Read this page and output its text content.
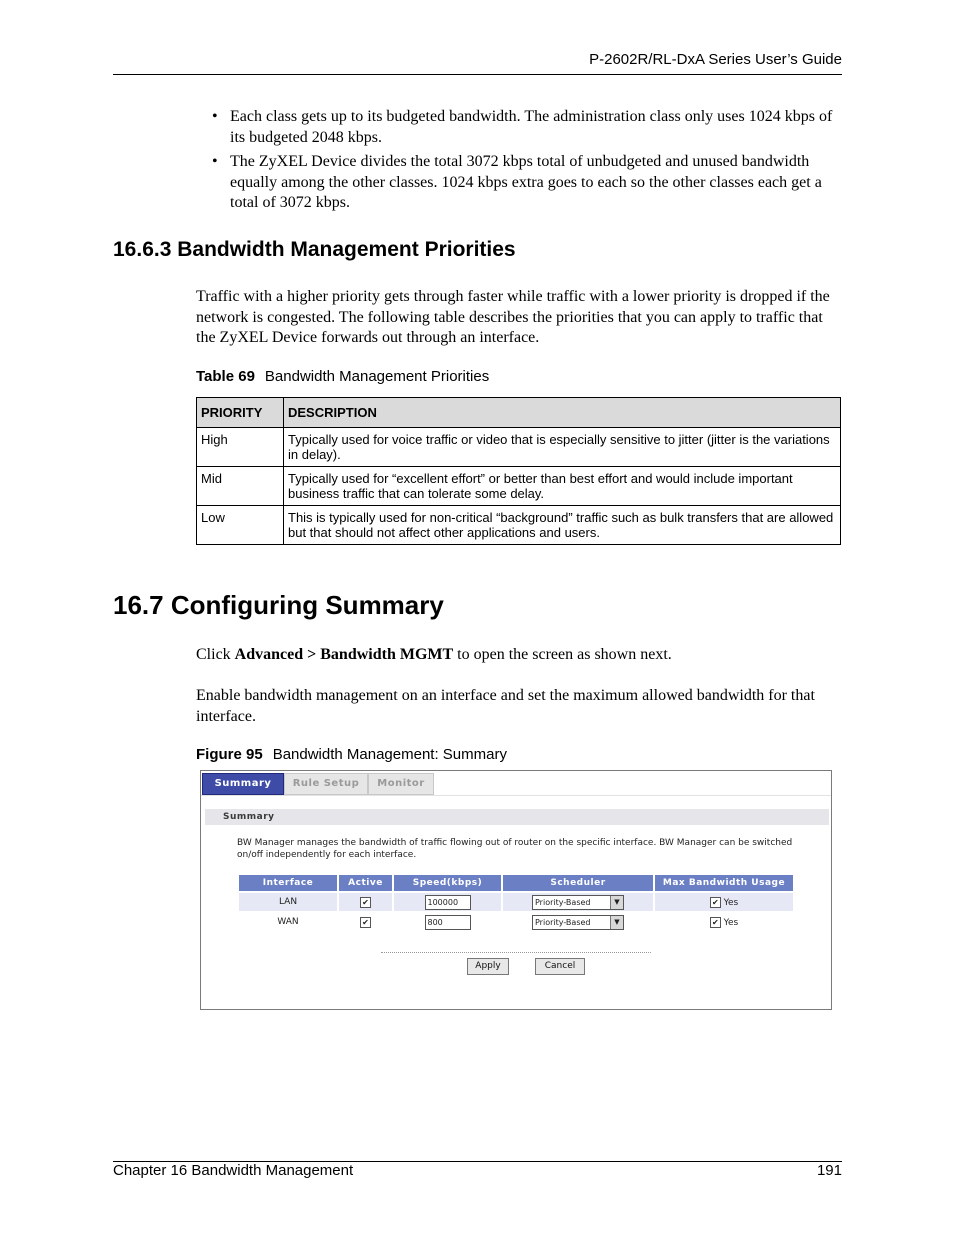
P-2602R/RL-DxA Series User’s Guide
• Each class gets up to its budgeted bandwidth. The administration class only uses 1024 kbps of its budgeted 2048 kbps.
• The ZyXEL Device divides the total 3072 kbps total of unbudgeted and unused bandwidth equally among the other classes. 1024 kbps extra goes to each so the other classes each get a total of 3072 kbps.
16.6.3 Bandwidth Management Priorities

Traffic with a higher priority gets through faster while traffic with a lower priority is dropped if the network is congested. The following table describes the priorities that you can apply to traffic that the ZyXEL Device forwards out through an interface.

Table 69 Bandwidth Management Priorities
PRIORITY	DESCRIPTION
High	Typically used for voice traffic or video that is especially sensitive to jitter (jitter is the variations in delay).
Mid	Typically used for “excellent effort” or better than best effort and would include important business traffic that can tolerate some delay.
Low	This is typically used for non-critical “background” traffic such as bulk transfers that are allowed but that should not affect other applications and users.
16.7 Configuring Summary

Click Advanced > Bandwidth MGMT to open the screen as shown next.

Enable bandwidth management on an interface and set the maximum allowed bandwidth for that interface.

Figure 95 Bandwidth Management: Summary
Summary	Rule Setup	Monitor
Summary
BW Manager manages the bandwidth of traffic flowing out of router on the specific interface. BW Manager can be switched on/off independently for each interface.
Interface	Active	Speed(kbps)	Scheduler	Max Bandwidth Usage
LAN	✔	100000	Priority-Based ▼	✔ Yes
WAN	✔	800	Priority-Based ▼	✔ Yes
Apply	Cancel
Chapter 16 Bandwidth Management	191
